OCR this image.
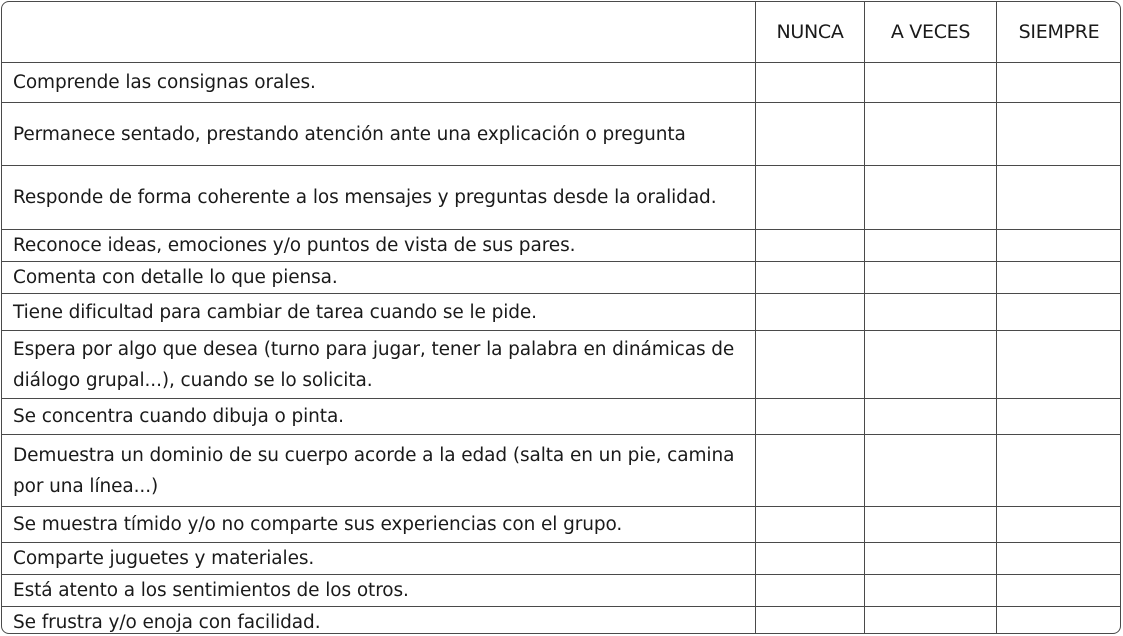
	NUNCA	A VECES	SIEMPRE
Comprende las consignas orales.			
Permanece sentado, prestando atención ante una explicación o pregunta			
Responde de forma coherente a los mensajes y preguntas desde la oralidad.			
Reconoce ideas, emociones y/o puntos de vista de sus pares.			
Comenta con detalle lo que piensa.			
Tiene dificultad para cambiar de tarea cuando se le pide.			
Espera por algo que desea (turno para jugar, tener la palabra en dinámicas de diálogo grupal...), cuando se lo solicita.			
Se concentra cuando dibuja o pinta.			
Demuestra un dominio de su cuerpo acorde a la edad (salta en un pie, camina por una línea...)			
Se muestra tímido y/o no comparte sus experiencias con el grupo.			
Comparte juguetes y materiales.			
Está atento a los sentimientos de los otros.			
Se frustra y/o enoja con facilidad.			
